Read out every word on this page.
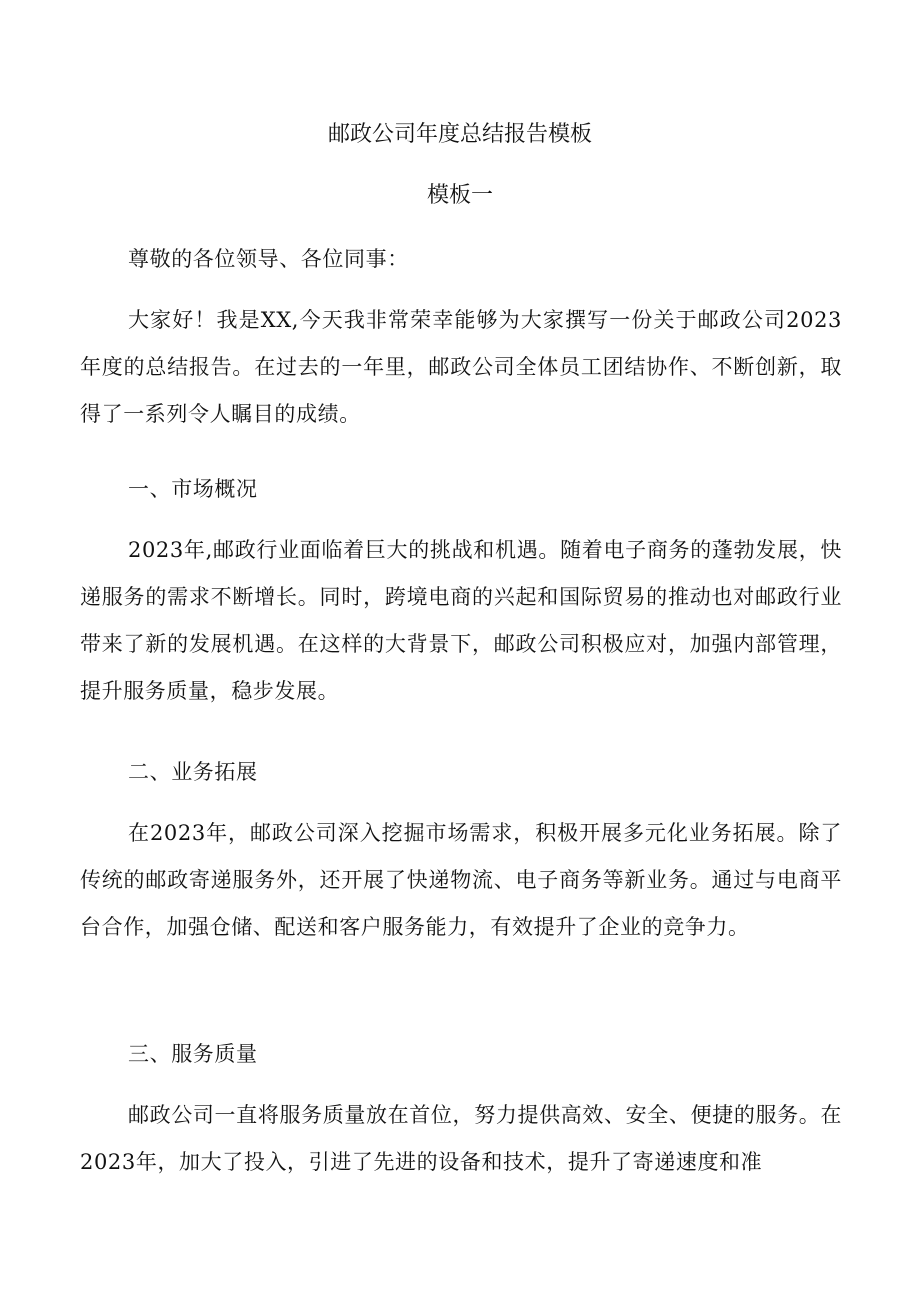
邮政公司年度总结报告模板
模板一
尊敬的各位领导、各位同事：
大家好！我是XX,今天我非常荣幸能够为大家撰写一份关于邮政公司2023年度的总结报告。在过去的一年里，邮政公司全体员工团结协作、不断创新，取得了一系列令人瞩目的成绩。
一、市场概况
2023年,邮政行业面临着巨大的挑战和机遇。随着电子商务的蓬勃发展，快递服务的需求不断增长。同时，跨境电商的兴起和国际贸易的推动也对邮政行业带来了新的发展机遇。在这样的大背景下，邮政公司积极应对，加强内部管理，提升服务质量，稳步发展。
二、业务拓展
在2023年，邮政公司深入挖掘市场需求，积极开展多元化业务拓展。除了传统的邮政寄递服务外，还开展了快递物流、电子商务等新业务。通过与电商平台合作，加强仓储、配送和客户服务能力，有效提升了企业的竞争力。
三、服务质量
邮政公司一直将服务质量放在首位，努力提供高效、安全、便捷的服务。在2023年，加大了投入，引进了先进的设备和技术，提升了寄递速度和准
